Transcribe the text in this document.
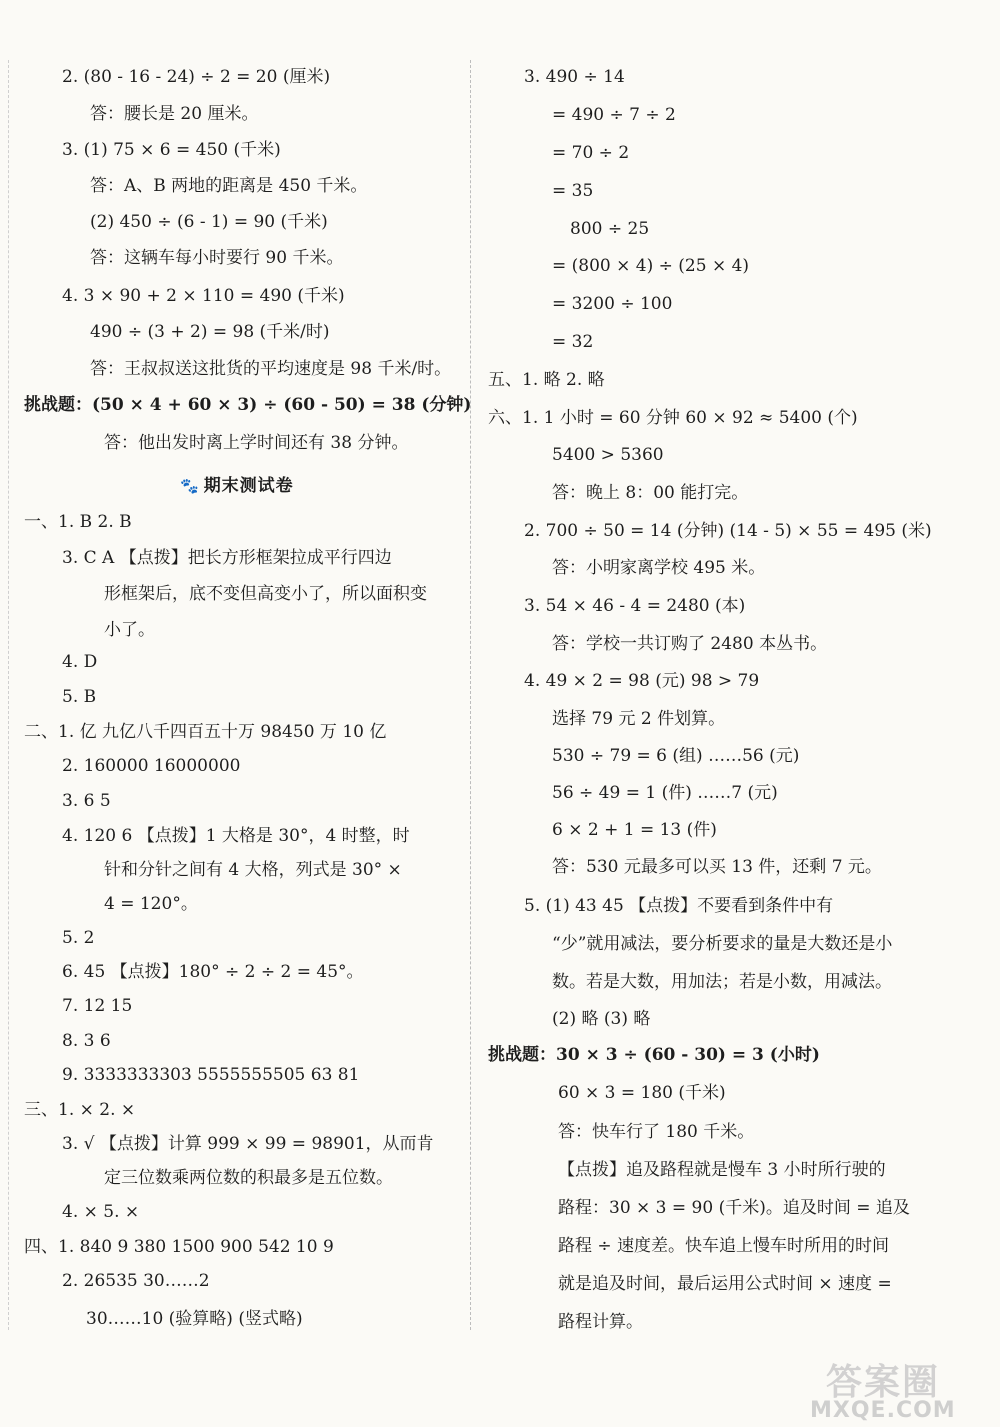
2. (80 - 16 - 24) ÷ 2 = 20 (厘米)
答：腰长是 20 厘米。
3. (1) 75 × 6 = 450 (千米)
答：A、B 两地的距离是 450 千米。
(2) 450 ÷ (6 - 1) = 90 (千米)
答：这辆车每小时要行 90 千米。
4. 3 × 90 + 2 × 110 = 490 (千米)
490 ÷ (3 + 2) = 98 (千米/时)
答：王叔叔送这批货的平均速度是 98 千米/时。
挑战题：(50 × 4 + 60 × 3) ÷ (60 - 50) = 38 (分钟)
答：他出发时离上学时间还有 38 分钟。
🐾 期末测试卷
一、1. B 2. B
3. C A 【点拨】把长方形框架拉成平行四边
形框架后，底不变但高变小了，所以面积变
小了。
4. D
5. B
二、1. 亿 九亿八千四百五十万 98450 万 10 亿
2. 160000 16000000
3. 6 5
4. 120 6 【点拨】1 大格是 30°，4 时整，时
针和分针之间有 4 大格，列式是 30° ×
4 = 120°。
5. 2
6. 45 【点拨】180° ÷ 2 ÷ 2 = 45°。
7. 12 15
8. 3 6
9. 3333333303 5555555505 63 81
三、1. × 2. ×
3. √ 【点拨】计算 999 × 99 = 98901，从而肯
定三位数乘两位数的积最多是五位数。
4. × 5. ×
四、1. 840 9 380 1500 900 542 10 9
2. 26535 30……2
30……10 (验算略) (竖式略)
3. 490 ÷ 14
= 490 ÷ 7 ÷ 2
= 70 ÷ 2
= 35
800 ÷ 25
= (800 × 4) ÷ (25 × 4)
= 3200 ÷ 100
= 32
五、1. 略 2. 略
六、1. 1 小时 = 60 分钟 60 × 92 ≈ 5400 (个)
5400 > 5360
答：晚上 8：00 能打完。
2. 700 ÷ 50 = 14 (分钟) (14 - 5) × 55 = 495 (米)
答：小明家离学校 495 米。
3. 54 × 46 - 4 = 2480 (本)
答：学校一共订购了 2480 本丛书。
4. 49 × 2 = 98 (元) 98 > 79
选择 79 元 2 件划算。
530 ÷ 79 = 6 (组) ……56 (元)
56 ÷ 49 = 1 (件) ……7 (元)
6 × 2 + 1 = 13 (件)
答：530 元最多可以买 13 件，还剩 7 元。
5. (1) 43 45 【点拨】不要看到条件中有
“少”就用减法，要分析要求的量是大数还是小
数。若是大数，用加法；若是小数，用减法。
(2) 略 (3) 略
挑战题：30 × 3 ÷ (60 - 30) = 3 (小时)
60 × 3 = 180 (千米)
答：快车行了 180 千米。
【点拨】追及路程就是慢车 3 小时所行驶的
路程：30 × 3 = 90 (千米)。追及时间 = 追及
路程 ÷ 速度差。快车追上慢车时所用的时间
就是追及时间，最后运用公式时间 × 速度 =
路程计算。
答案圈
MXQE.COM
